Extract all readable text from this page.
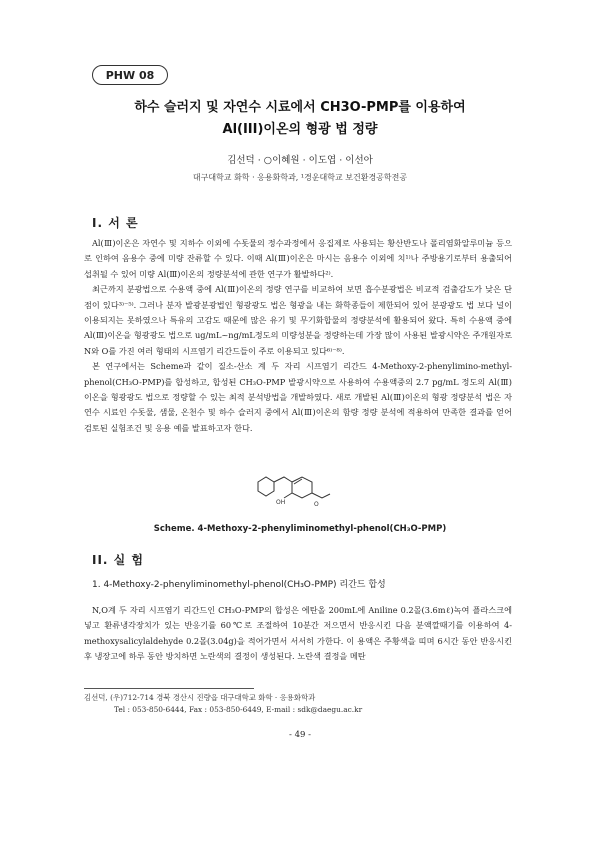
PHW 08
하수 슬러지 및 자연수 시료에서 CH3O-PMP를 이용하여
Al(III)이온의 형광 법 정량
김선덕 · ○이혜원 · 이도엽 · 이선아
대구대학교 화학 · 응용화학과, ¹경운대학교 보건환경공학전공
I. 서 론

Al(Ⅲ)이온은 자연수 및 지하수 이외에 수돗물의 정수과정에서 응집제로 사용되는 황산반도나 폴리염화알루미늄 등으로 인하여 음용수 중에 미량 잔류할 수 있다. 이때 Al(Ⅲ)이온은 마시는 음용수 이외에 치¹⁾나 주방용기로부터 용출되어 섭취될 수 있어 미량 Al(Ⅲ)이온의 정량분석에 관한 연구가 활발하다²⁾.

최근까지 분광법으로 수용액 중에 Al(Ⅲ)이온의 정량 연구를 비교하여 보면 흡수분광법은 비교적 검출감도가 낮은 단점이 있다³⁾⁻⁵⁾. 그러나 분자 발광분광법인 형광광도 법은 형광을 내는 화학종들이 제한되어 있어 분광광도 법 보다 널이 이용되지는 못하였으나 특유의 고감도 때문에 많은 유기 및 무기화합물의 정량분석에 활용되어 왔다. 특히 수용액 중에 Al(Ⅲ)이온을 형광광도 법으로 ug/mL~ng/mL정도의 미량성분을 정량하는데 가장 많이 사용된 발광시약은 주개원자로 N와 O를 가진 여러 형태의 시프염기 리간드들이 주로 이용되고 있다⁶⁾⁻⁸⁾.

본 연구에서는 Scheme과 같이 질소-산소 계 두 자리 시프염기 리간드 4-Methoxy-2-phenylimino-methyl-phenol(CH₃O-PMP)를 합성하고, 합성된 CH₃O-PMP 발광시약으로 사용하여 수용액중의 2.7 pg/mL 정도의 Al(Ⅲ)이온을 형광광도 법으로 정량할 수 있는 최적 분석방법을 개발하였다. 새로 개발된 Al(Ⅲ)이온의 형광 정량분석 법은 자연수 시료인 수돗물, 샘물, 온천수 및 하수 슬러지 중에서 Al(Ⅲ)이온의 함량 정량 분석에 적용하여 만족한 결과를 얻어 검토된 실험조건 및 응용 예를 발표하고자 한다.

OH	O
Scheme. 4-Methoxy-2-phenyliminomethyl-phenol(CH₃O-PMP)
II. 실 험
1. 4-Methoxy-2-phenyliminomethyl-phenol(CH₃O-PMP) 리간드 합성

N,O계 두 자리 시프염기 리간드인 CH₃O-PMP의 합성은 에탄올 200mL에 Aniline 0.2몰(3.6mℓ)녹여 플라스크에 넣고 환류냉각장치가 있는 반응기를 60℃로 조절하여 10분간 저으면서 반응시킨 다음 분액깔때기를 이용하여 4-methoxysalicylaldehyde 0.2몰(3.04g)을 적어가면서 서서히 가한다. 이 용액은 주황색을 띠며 6시간 동안 반응시킨 후 냉장고에 하루 동안 방치하면 노란색의 결정이 생성된다. 노란색 결정을 메탄

김선덕, (우)712-714 경북 경산시 진량읍 대구대학교 화학 · 응용화학과
Tel : 053-850-6444, Fax : 053-850-6449, E-mail : sdk@daegu.ac.kr
- 49 -
